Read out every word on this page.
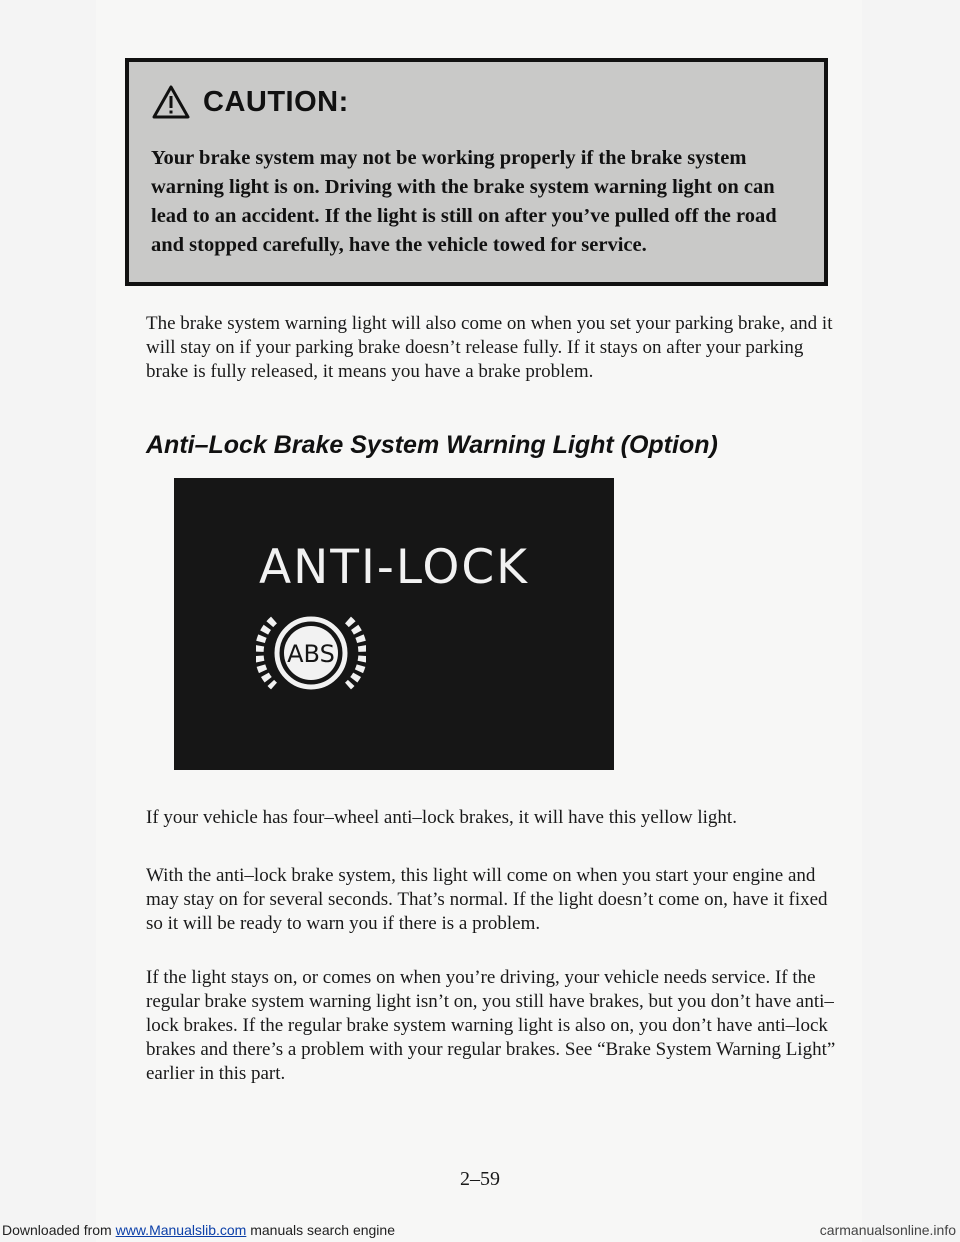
CAUTION:

Your brake system may not be working properly if the brake system warning light is on. Driving with the brake system warning light on can lead to an accident. If the light is still on after you’ve pulled off the road and stopped carefully, have the vehicle towed for service.

The brake system warning light will also come on when you set your parking brake, and it will stay on if your parking brake doesn’t release fully. If it stays on after your parking brake is fully released, it means you have a brake problem.

Anti–Lock Brake System Warning Light (Option)
ANTI-LOCK
ABS

If your vehicle has four–wheel anti–lock brakes, it will have this yellow light.

With the anti–lock brake system, this light will come on when you start your engine and may stay on for several seconds. That’s normal. If the light doesn’t come on, have it fixed so it will be ready to warn you if there is a problem.

If the light stays on, or comes on when you’re driving, your vehicle needs service. If the regular brake system warning light isn’t on, you still have brakes, but you don’t have anti–lock brakes. If the regular brake system warning light is also on, you don’t have anti–lock brakes and there’s a problem with your regular brakes. See “Brake System Warning Light” earlier in this part.

2–59
Downloaded from www.Manualslib.com manuals search engine	carmanualsonline.info
